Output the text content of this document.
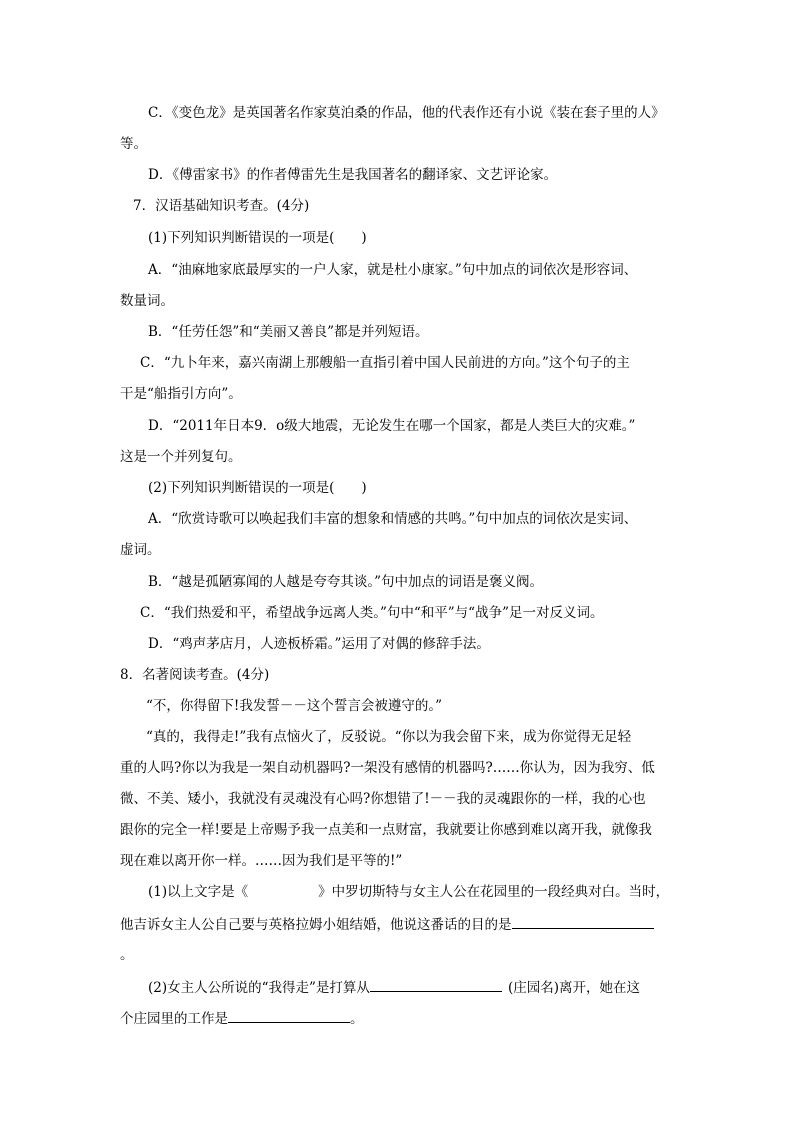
C．《变色龙》是英国著名作家莫泊桑的作品，他的代表作还有小说《装在套子里的人》
等。
D．《傅雷家书》的作者傅雷先生是我国著名的翻译家、文艺评论家。
7．汉语基础知识考查。(4分)
(1)下列知识判断错误的一项是(　　)
A．“油麻地家底最厚实的一户人家，就是杜小康家。”句中加点的词依次是形容词、
数量词。
B．“任劳任怨”和“美丽又善良”都是并列短语。
C．“九卜年来，嘉兴南湖上那艘船一直指引着中国人民前进的方向。”这个句子的主
干是“船指引方向”。
D．“2011年日本9．o级大地震，无论发生在哪一个国家，都是人类巨大的灾难。”
这是一个并列复句。
(2)下列知识判断错误的一项是(　　)
A．“欣赏诗歌可以唤起我们丰富的想象和情感的共鸣。”句中加点的词依次是实词、
虚词。
B．“越是孤陋寡闻的人越是夸夸其谈。”句中加点的词语是褒义阀。
C．“我们热爱和平，希望战争远离人类。”句中“和平”与“战争”足一对反义词。
D．“鸡声茅店月，人迹板桥霜。”运用了对偶的修辞手法。
8．名著阅读考查。(4分)
“不，你得留下!我发誓－－这个誓言会被遵守的。”
“真的，我得走!”我有点恼火了，反驳说。“你以为我会留下来，成为你觉得无足轻
重的人吗?你以为我是一架自动机器吗?一架没有感情的机器吗?……你认为，因为我穷、低
微、不美、矮小，我就没有灵魂没有心吗?你想错了!－－我的灵魂跟你的一样，我的心也
跟你的完全一样!要是上帝赐予我一点美和一点财富，我就要让你感到难以离开我，就像我
现在难以离开你一样。……因为我们是平等的!”
(1)以上文字是《	》中罗切斯特与女主人公在花园里的一段经典对白。当时，
他吉诉女主人公自己要与英格拉姆小姐结婚，他说这番话的目的是
。
(2)女主人公所说的“我得走”是打算从	(庄园名)离开，她在这
个庄园里的工作是	。
